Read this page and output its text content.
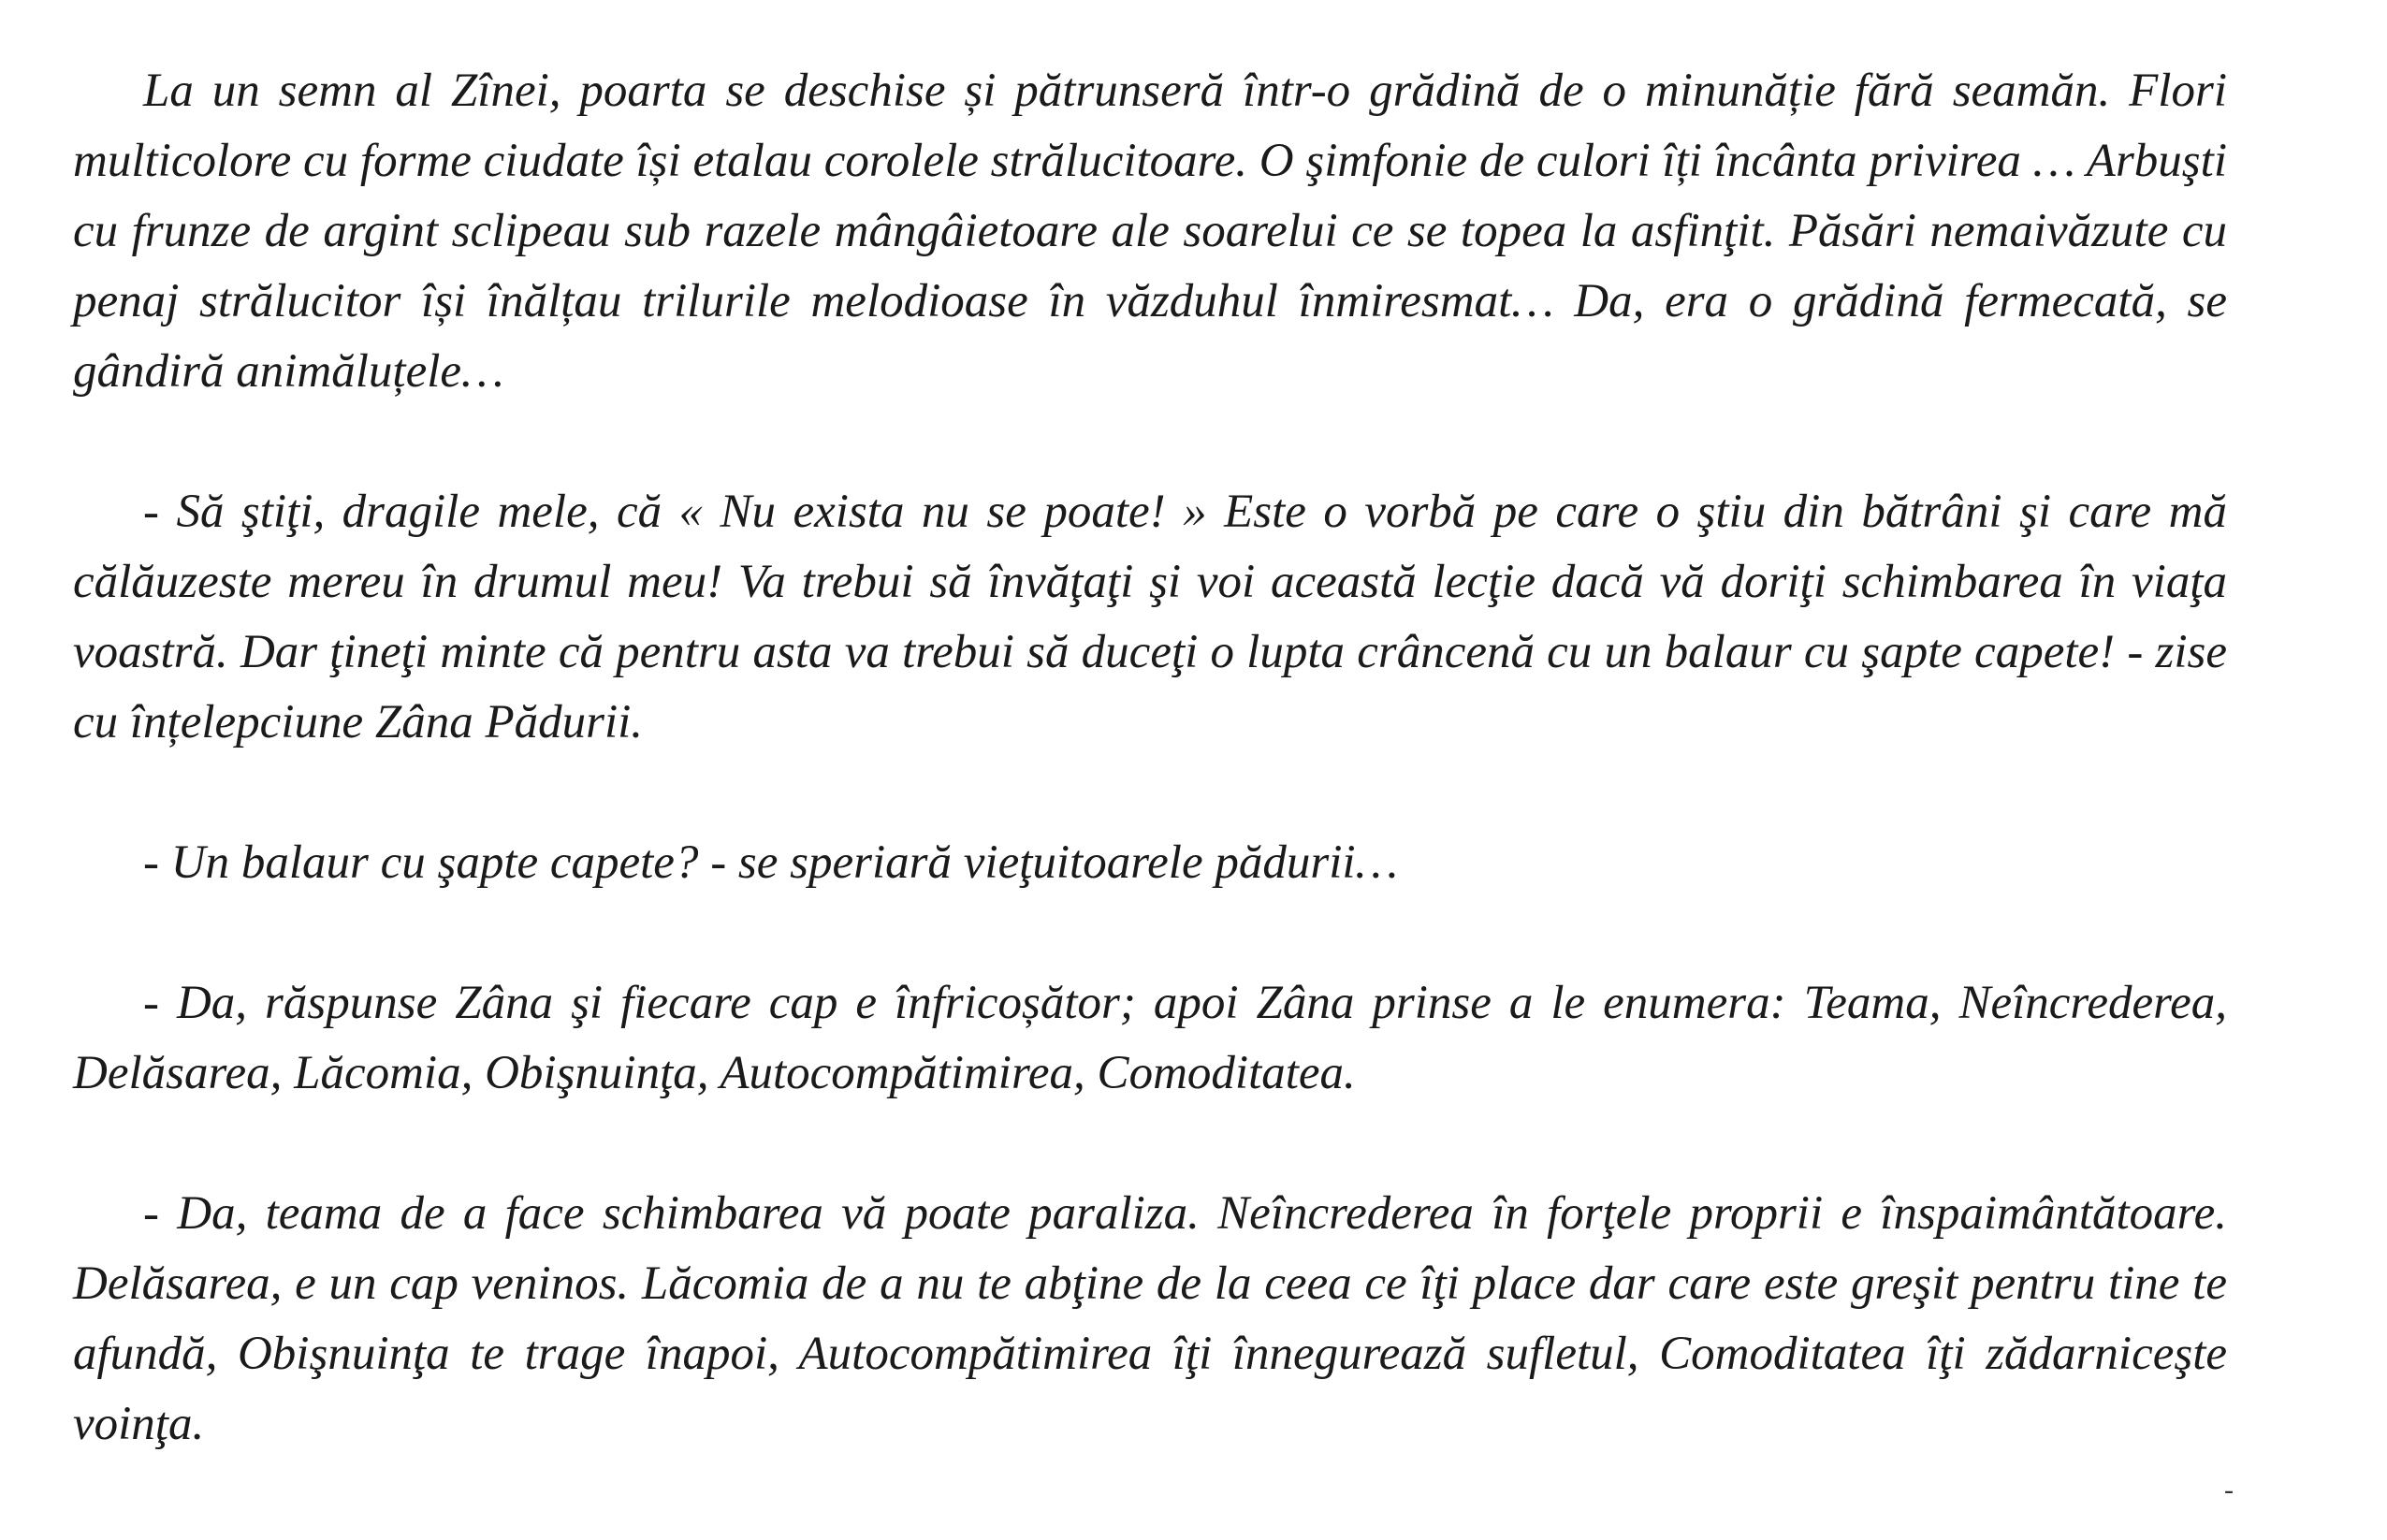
La un semn al Zînei, poarta se deschise și pătrunseră într-o grădină de o minunăție fără seamăn. Flori multicolore cu forme ciudate își etalau corolele strălucitoare. O şimfonie de culori îți încânta privirea … Arbuşti cu frunze de argint sclipeau sub razele mângâietoare ale soarelui ce se topea la asfinţit. Păsări nemaivăzute cu penaj strălucitor își înălțau trilurile melodioase în văzduhul înmiresmat… Da, era o grădină fermecată, se gândiră animăluțele…

- Să ştiţi, dragile mele, că « Nu exista nu se poate! » Este o vorbă pe care o ştiu din bătrâni şi care mă călăuzeste mereu în drumul meu! Va trebui să învăţaţi şi voi această lecţie dacă vă doriţi schimbarea în viaţa voastră. Dar ţineţi minte că pentru asta va trebui să duceţi o lupta crâncenă cu un balaur cu şapte capete! - zise cu înțelepciune Zâna Pădurii.

- Un balaur cu şapte capete? - se speriară vieţuitoarele pădurii…

- Da, răspunse Zâna şi fiecare cap e înfricoșător; apoi Zâna prinse a le enumera: Teama, Neîncrederea, Delăsarea, Lăcomia, Obişnuinţa, Autocompătimirea, Comoditatea.

- Da, teama de a face schimbarea vă poate paraliza. Neîncrederea în forţele proprii e înspaimântătoare. Delăsarea, e un cap veninos. Lăcomia de a nu te abţine de la ceea ce îţi place dar care este greşit pentru tine te afundă, Obişnuinţa te trage înapoi, Autocompătimirea îţi înnegurează sufletul, Comoditatea îţi zădarniceşte voinţa.

-
